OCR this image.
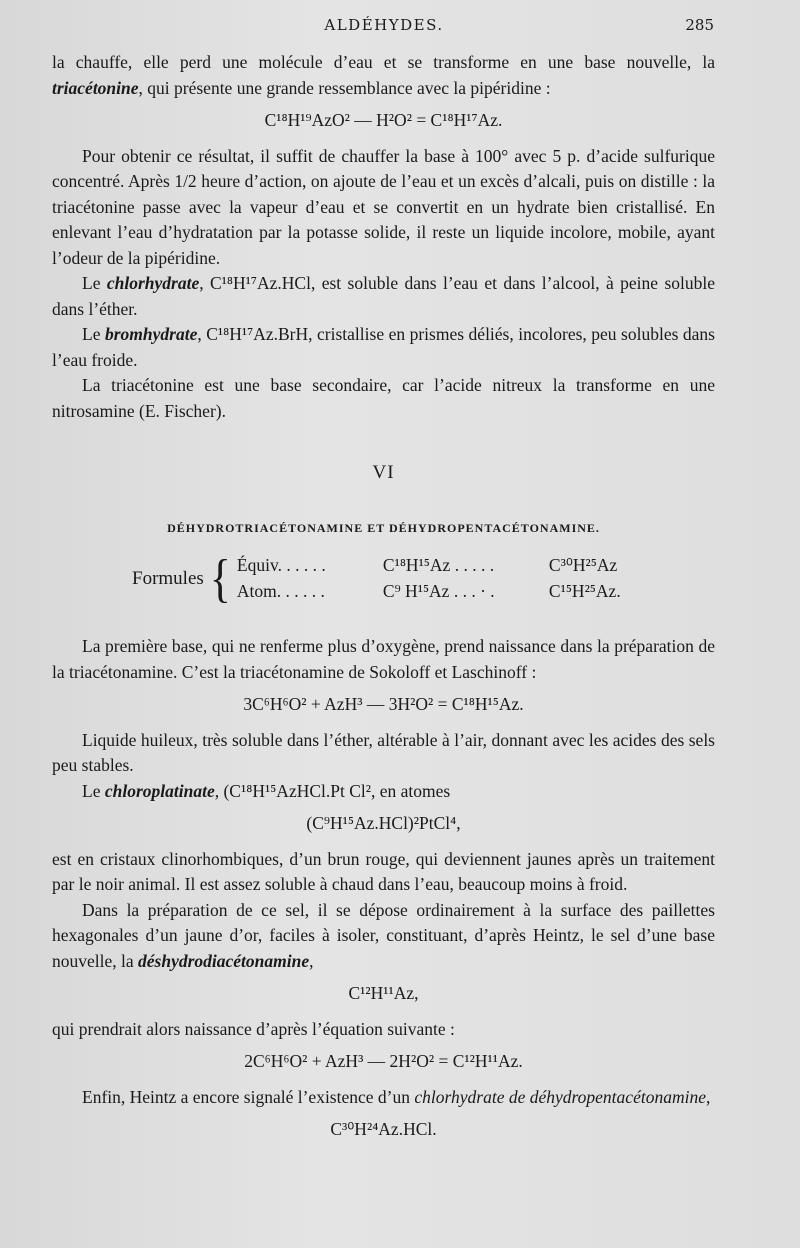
ALDÉHYDES.	285

la chauffe, elle perd une molécule d’eau et se transforme en une base nouvelle, la triacétonine, qui présente une grande ressemblance avec la pipéridine :

C¹⁸H¹⁹AzO² — H²O² = C¹⁸H¹⁷Az.

Pour obtenir ce résultat, il suffit de chauffer la base à 100° avec 5 p. d’acide sulfurique concentré. Après 1/2 heure d’action, on ajoute de l’eau et un excès d’alcali, puis on distille : la triacétonine passe avec la vapeur d’eau et se convertit en un hydrate bien cristallisé. En enlevant l’eau d’hydratation par la potasse solide, il reste un liquide incolore, mobile, ayant l’odeur de la pipéridine.

Le chlorhydrate, C¹⁸H¹⁷Az.HCl, est soluble dans l’eau et dans l’alcool, à peine soluble dans l’éther.

Le bromhydrate, C¹⁸H¹⁷Az.BrH, cristallise en prismes déliés, incolores, peu solubles dans l’eau froide.

La triacétonine est une base secondaire, car l’acide nitreux la transforme en une nitrosamine (E. Fischer).

VI
DÉHYDROTRIACÉTONAMINE ET DÉHYDROPENTACÉTONAMINE.
Formules { Équiv. . . . . .	C¹⁸H¹⁵Az . . . . .	C³⁰H²⁵Az
Atom. . . . . .	C⁹ H¹⁵Az . . . · .	C¹⁵H²⁵Az.

La première base, qui ne renferme plus d’oxygène, prend naissance dans la préparation de la triacétonamine. C’est la triacétonamine de Sokoloff et Laschinoff :

3C⁶H⁶O² + AzH³ — 3H²O² = C¹⁸H¹⁵Az.

Liquide huileux, très soluble dans l’éther, altérable à l’air, donnant avec les acides des sels peu stables.

Le chloroplatinate, (C¹⁸H¹⁵AzHCl.Pt Cl², en atomes

(C⁹H¹⁵Az.HCl)²PtCl⁴,

est en cristaux clinorhombiques, d’un brun rouge, qui deviennent jaunes après un traitement par le noir animal. Il est assez soluble à chaud dans l’eau, beaucoup moins à froid.

Dans la préparation de ce sel, il se dépose ordinairement à la surface des paillettes hexagonales d’un jaune d’or, faciles à isoler, constituant, d’après Heintz, le sel d’une base nouvelle, la déshydrodiacétonamine,

C¹²H¹¹Az,

qui prendrait alors naissance d’après l’équation suivante :

2C⁶H⁶O² + AzH³ — 2H²O² = C¹²H¹¹Az.

Enfin, Heintz a encore signalé l’existence d’un chlorhydrate de déhydropentacétonamine,

C³⁰H²⁴Az.HCl.
